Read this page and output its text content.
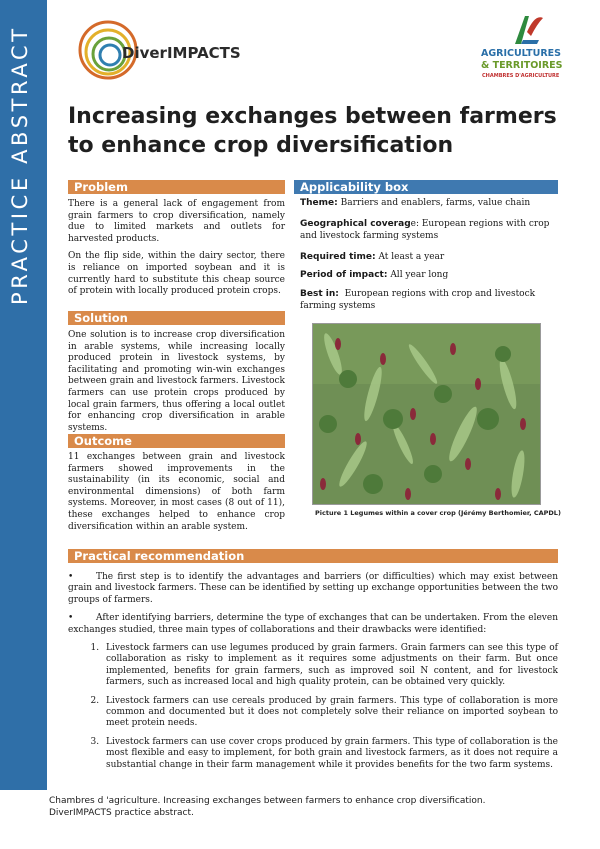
PRACTICE ABSTRACT	DiverIMPACTS	AGRICULTURES
& TERRITOIRES
CHAMBRES D'AGRICULTURE
Increasing exchanges between farmers to enhance crop diversification
Problem

There is a general lack of engagement from grain farmers to crop diversification, namely due to limited markets and outlets for harvested products.

On the flip side, within the dairy sector, there is reliance on imported soybean and it is currently hard to substitute this cheap source of protein with locally produced protein crops.

Solution
One solution is to increase crop diversification in arable systems, while increasing locally produced protein in livestock systems, by facilitating and promoting win-win exchanges between grain and livestock farmers. Livestock farmers can use protein crops produced by local grain farmers, thus offering a local outlet for enhancing crop diversification in arable systems.
Outcome
11 exchanges between grain and livestock farmers showed improvements in the sustainability (in its economic, social and environmental dimensions) of both farm systems. Moreover, in most cases (8 out of 11), these exchanges helped to enhance crop diversification within an arable system.
Applicability box
Theme: Barriers and enablers, farms, value chain
Geographical coverage: European regions with crop and livestock farming systems
Required time: At least a year
Period of impact: All year long
Best in: European regions with crop and livestock farming systems
Picture 1 Legumes within a cover crop (Jérémy Berthomier, CAPDL)
Practical recommendation

•	The first step is to identify the advantages and barriers (or difficulties) which may exist between grain and livestock farmers. These can be identified by setting up exchange opportunities between the two groups of farmers.

•	After identifying barriers, determine the type of exchanges that can be undertaken. From the eleven exchanges studied, three main types of collaborations and their drawbacks were identified:

1. Livestock farmers can use legumes produced by grain farmers. Grain farmers can see this type of collaboration as risky to implement as it requires some adjustments on their farm. But once implemented, benefits for grain farmers, such as improved soil N content, and for livestock farmers, such as increased local and high quality protein, can be obtained very quickly.
2. Livestock farmers can use cereals produced by grain farmers. This type of collaboration is more common and documented but it does not completely solve their reliance on imported soybean to meet protein needs.
3. Livestock farmers can use cover crops produced by grain farmers. This type of collaboration is the most flexible and easy to implement, for both grain and livestock farmers, as it does not require a substantial change in their farm management while it provides benefits for the two farm systems.
Chambres d 'agriculture. Increasing exchanges between farmers to enhance crop diversification.
DiverIMPACTS practice abstract.
